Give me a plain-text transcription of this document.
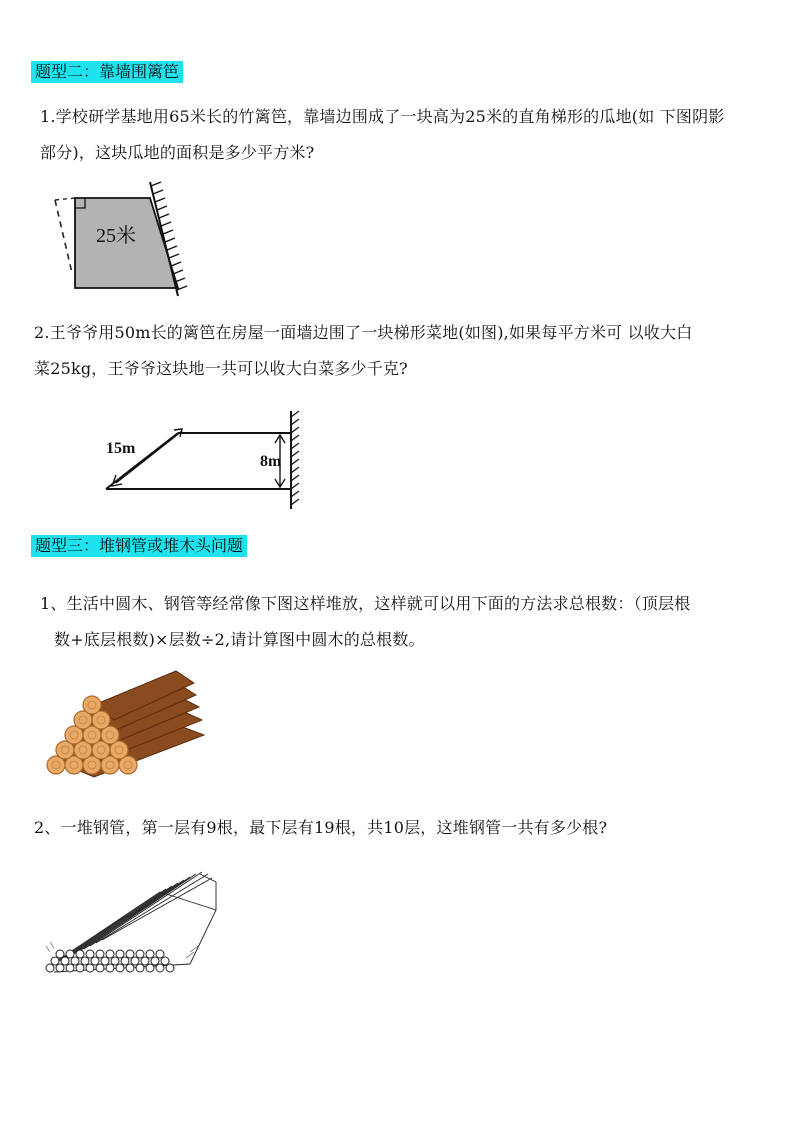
题型二：靠墙围篱笆
1.学校研学基地用65米长的竹篱笆，靠墙边围成了一块高为25米的直角梯形的瓜地(如 下图阴影
部分)，这块瓜地的面积是多少平方米?
25米
2.王爷爷用50m长的篱笆在房屋一面墙边围了一块梯形菜地(如图),如果每平方米可 以收大白
菜25kg，王爷爷这块地一共可以收大白菜多少千克?
15m
8m
题型三：堆钢管或堆木头问题
1、生活中圆木、钢管等经常像下图这样堆放，这样就可以用下面的方法求总根数：（顶层根
数+底层根数)×层数÷2,请计算图中圆木的总根数。
2、一堆钢管，第一层有9根，最下层有19根，共10层，这堆钢管一共有多少根?
